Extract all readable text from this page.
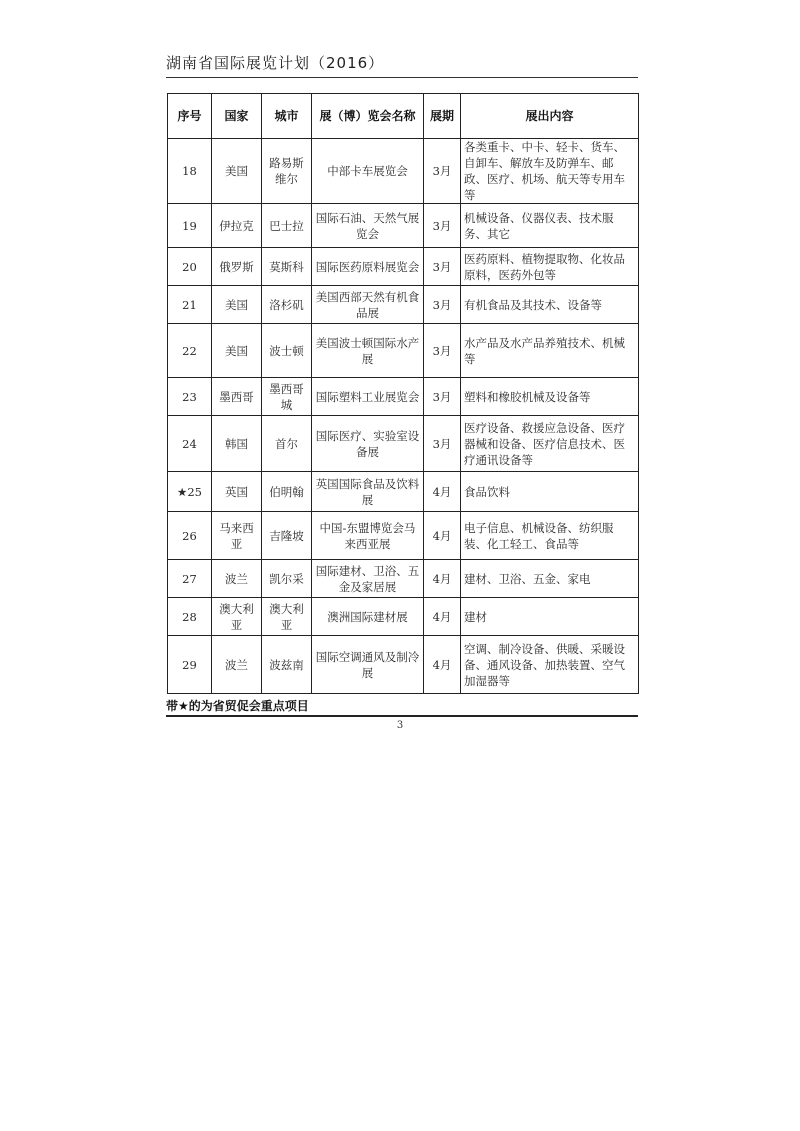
湖南省国际展览计划（2016）
序号	国家	城市	展（博）览会名称	展期	展出内容
18	美国	路易斯维尔	中部卡车展览会	3月	各类重卡、中卡、轻卡、货车、自卸车、解放车及防弹车、邮政、医疗、机场、航天等专用车等
19	伊拉克	巴士拉	国际石油、天然气展览会	3月	机械设备、仪器仪表、技术服务、其它
20	俄罗斯	莫斯科	国际医药原料展览会	3月	医药原料、植物提取物、化妆品原料，医药外包等
21	美国	洛杉矶	美国西部天然有机食品展	3月	有机食品及其技术、设备等
22	美国	波士顿	美国波士顿国际水产展	3月	水产品及水产品养殖技术、机械等
23	墨西哥	墨西哥城	国际塑料工业展览会	3月	塑料和橡胶机械及设备等
24	韩国	首尔	国际医疗、实验室设备展	3月	医疗设备、救援应急设备、医疗器械和设备、医疗信息技术、医疗通讯设备等
★25	英国	伯明翰	英国国际食品及饮料展	4月	食品饮料
26	马来西亚	吉隆坡	中国-东盟博览会马来西亚展	4月	电子信息、机械设备、纺织服装、化工轻工、食品等
27	波兰	凯尔采	国际建材、卫浴、五金及家居展	4月	建材、卫浴、五金、家电
28	澳大利亚	澳大利亚	澳洲国际建材展	4月	建材
29	波兰	波兹南	国际空调通风及制冷展	4月	空调、制冷设备、供暖、采暖设备、通风设备、加热装置、空气加湿器等
带★的为省贸促会重点项目
3
